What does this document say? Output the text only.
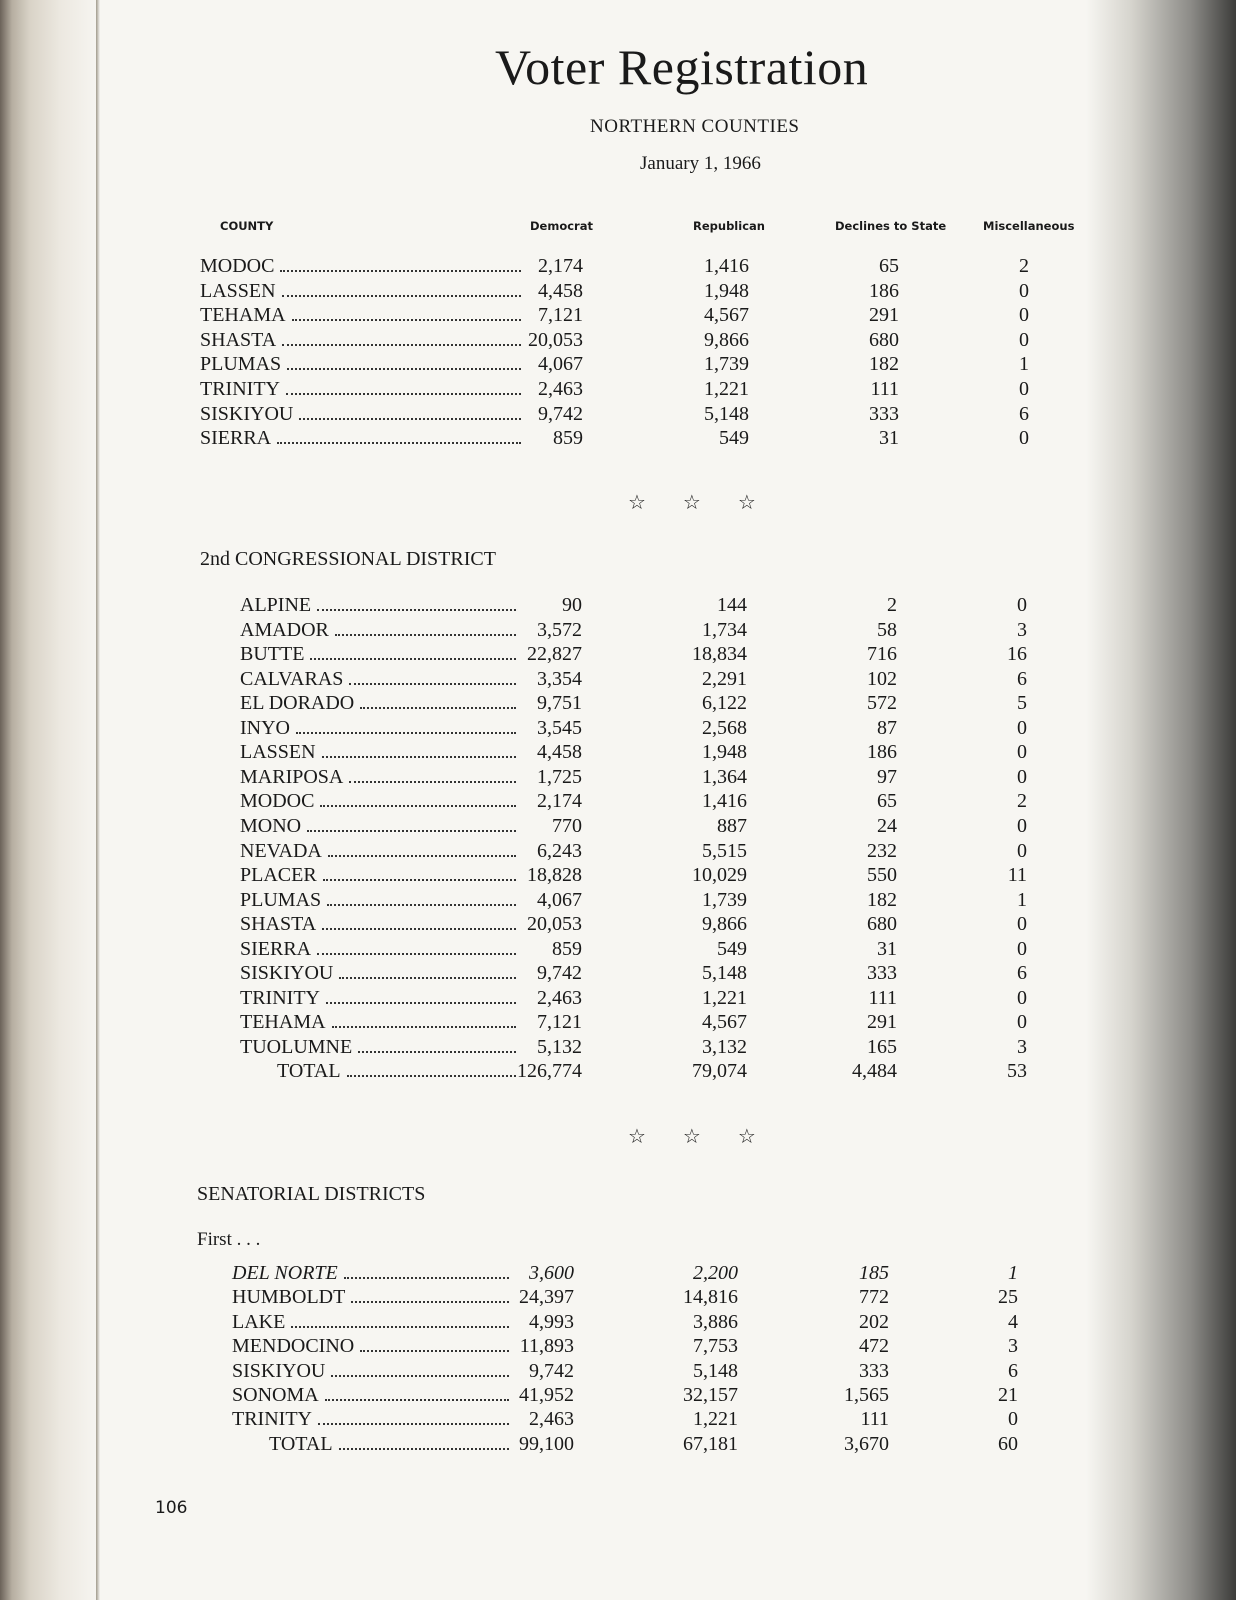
Voter Registration
NORTHERN COUNTIES
January 1, 1966
COUNTY	Democrat	Republican	Declines to State	Miscellaneous
MODOC	2,174	1,416	65	2
LASSEN	4,458	1,948	186	0
TEHAMA	7,121	4,567	291	0
SHASTA	20,053	9,866	680	0
PLUMAS	4,067	1,739	182	1
TRINITY	2,463	1,221	111	0
SISKIYOU	9,742	5,148	333	6
SIERRA	859	549	31	0
☆☆☆
2nd CONGRESSIONAL DISTRICT
ALPINE	90	144	2	0
AMADOR	3,572	1,734	58	3
BUTTE	22,827	18,834	716	16
CALVARAS	3,354	2,291	102	6
EL DORADO	9,751	6,122	572	5
INYO	3,545	2,568	87	0
LASSEN	4,458	1,948	186	0
MARIPOSA	1,725	1,364	97	0
MODOC	2,174	1,416	65	2
MONO	770	887	24	0
NEVADA	6,243	5,515	232	0
PLACER	18,828	10,029	550	11
PLUMAS	4,067	1,739	182	1
SHASTA	20,053	9,866	680	0
SIERRA	859	549	31	0
SISKIYOU	9,742	5,148	333	6
TRINITY	2,463	1,221	111	0
TEHAMA	7,121	4,567	291	0
TUOLUMNE	5,132	3,132	165	3
TOTAL	126,774	79,074	4,484	53
☆☆☆
SENATORIAL DISTRICTS
First . . .
DEL NORTE	3,600	2,200	185	1
HUMBOLDT	24,397	14,816	772	25
LAKE	4,993	3,886	202	4
MENDOCINO	11,893	7,753	472	3
SISKIYOU	9,742	5,148	333	6
SONOMA	41,952	32,157	1,565	21
TRINITY	2,463	1,221	111	0
TOTAL	99,100	67,181	3,670	60
106
